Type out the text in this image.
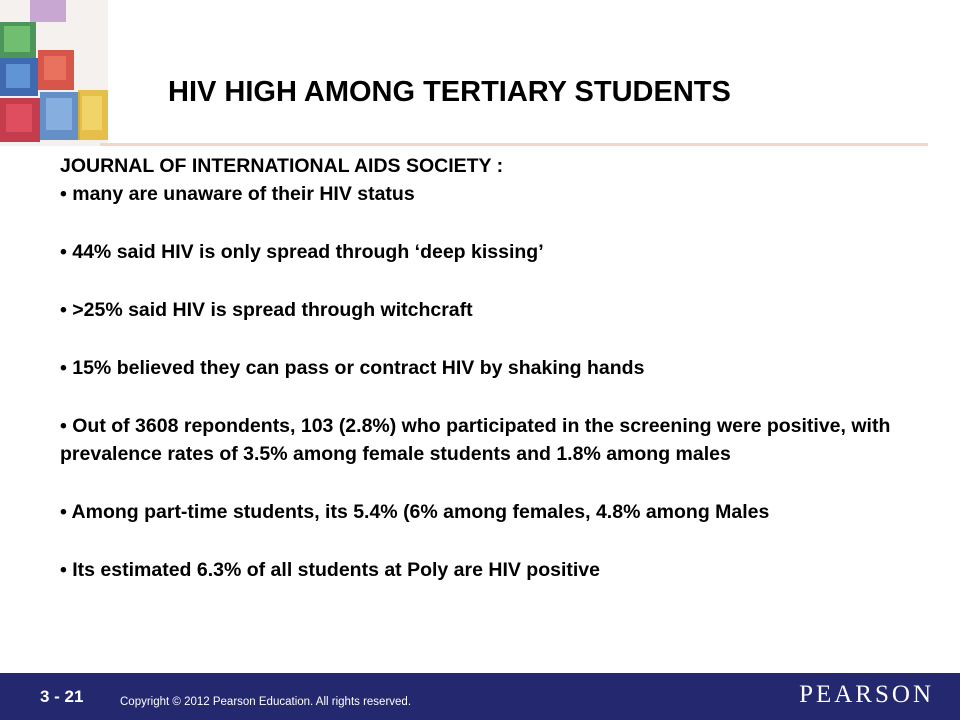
HIV HIGH AMONG TERTIARY STUDENTS

JOURNAL OF INTERNATIONAL AIDS SOCIETY :

• many are unaware of their HIV status

• 44% said HIV is only spread through ‘deep kissing’

• >25% said HIV is spread through witchcraft

• 15% believed they can pass or contract HIV by shaking hands

• Out of 3608 repondents, 103 (2.8%) who participated in the screening were positive, with prevalence rates of 3.5% among female students and 1.8% among males

• Among part-time students, its 5.4% (6% among females, 4.8% among Males

• Its estimated 6.3% of all students at Poly are HIV positive

3 - 21	Copyright © 2012 Pearson Education. All rights reserved.	PEARSON
